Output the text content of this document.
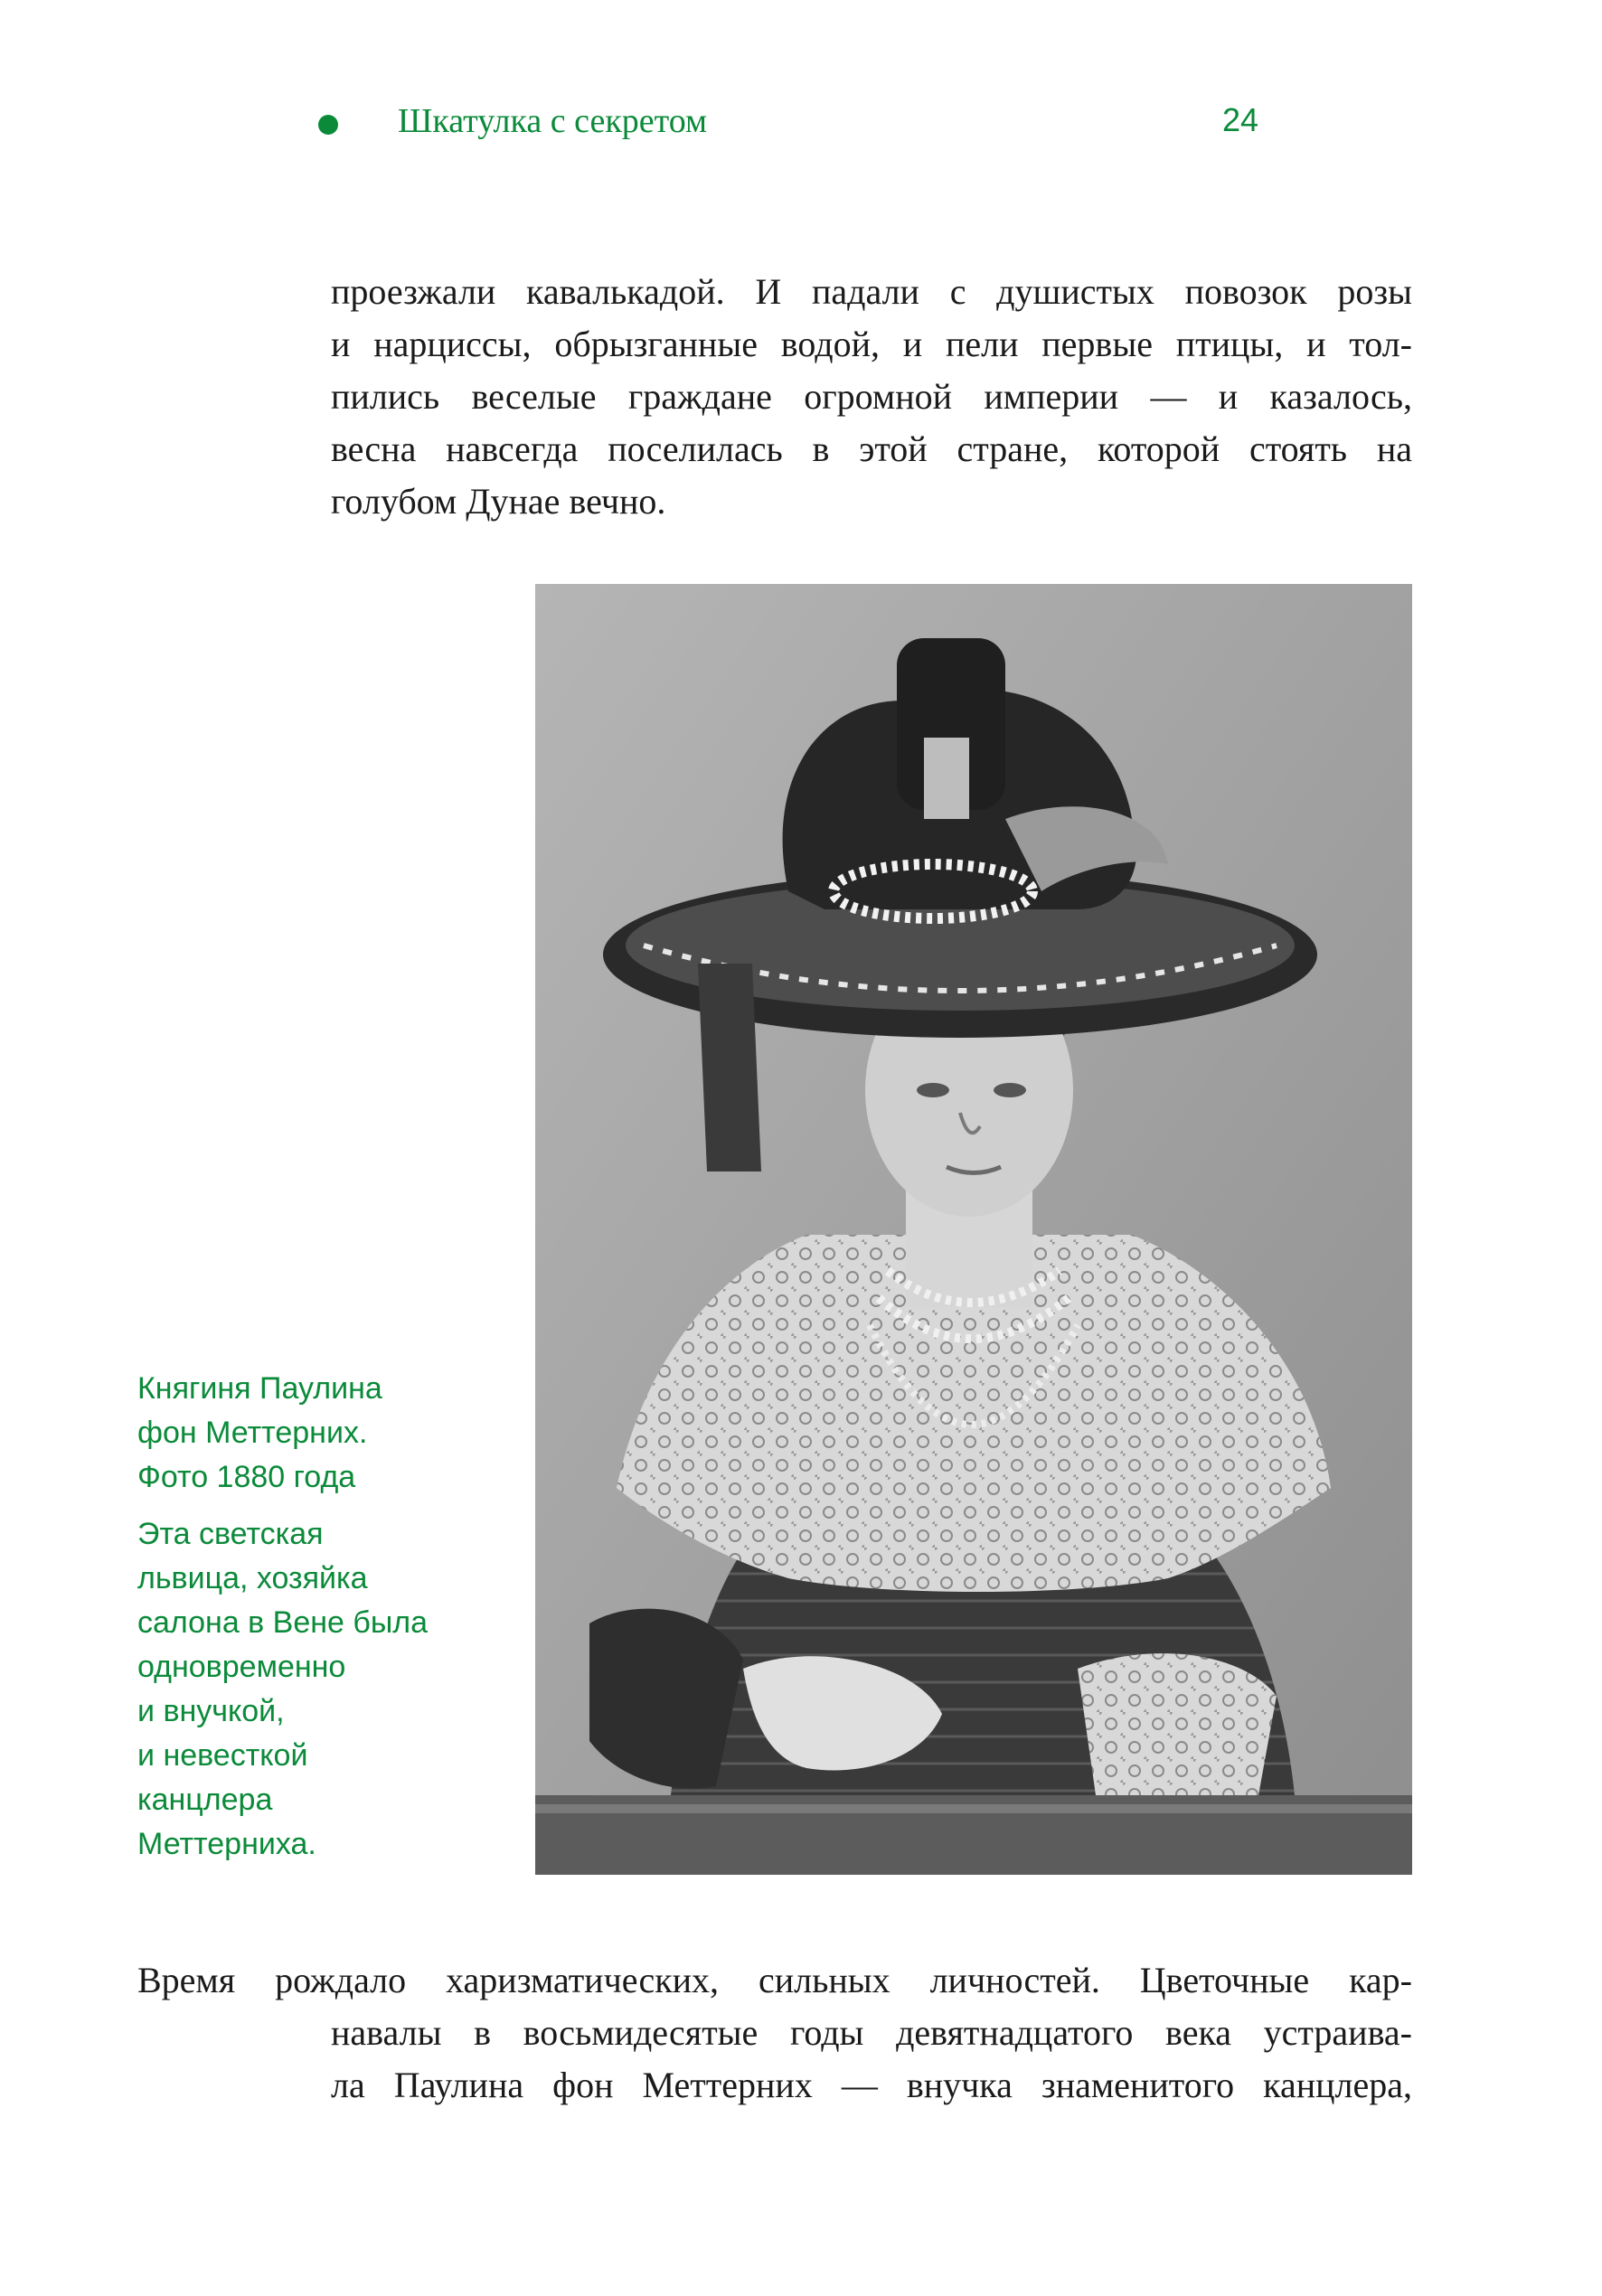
Шкатулка с секретом	24
проезжали кавалькадой. И падали с душистых повозок розы
и нарциссы, обрызганные водой, и пели первые птицы, и тол-
пились веселые граждане огромной империи — и казалось,
весна навсегда поселилась в этой стране, которой стоять на
голубом Дунае вечно.
Княгиня Паулина
фон Меттерних.
Фото 1880 года
Эта светская
львица, хозяйка
салона в Вене была
одновременно
и внучкой,
и невесткой
канцлера
Меттерниха.
Время рождало харизматических, сильных личностей. Цветочные кар-
навалы в восьмидесятые годы девятнадцатого века устраива-
ла Паулина фон Меттерних — внучка знаменитого канцлера,
